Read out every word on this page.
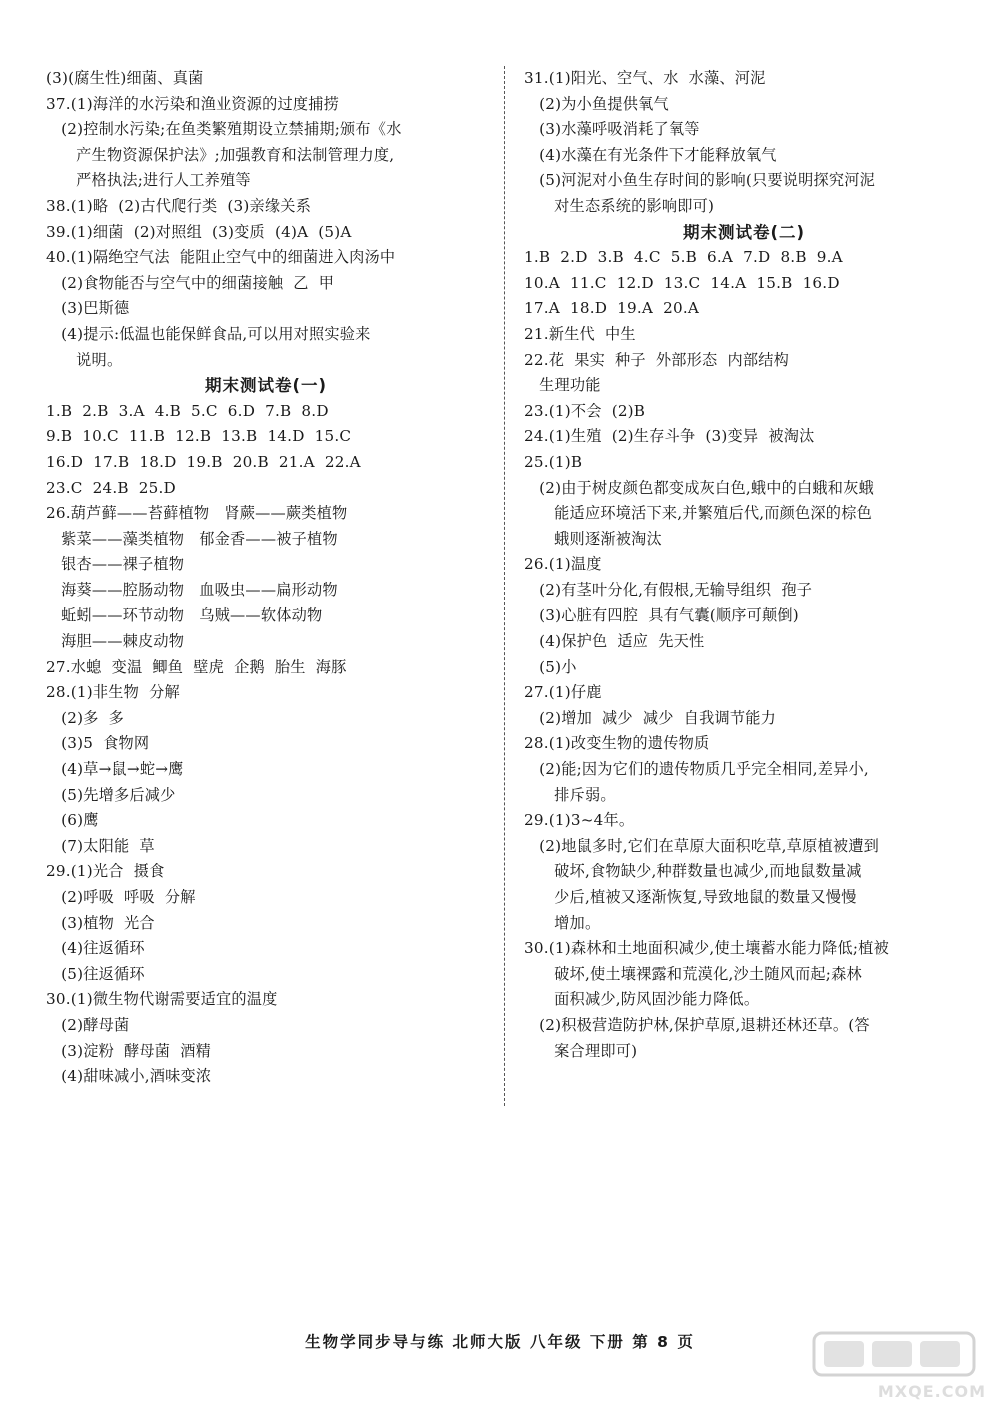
(3)(腐生性)细菌、真菌
37.(1)海洋的水污染和渔业资源的过度捕捞
(2)控制水污染;在鱼类繁殖期设立禁捕期;颁布《水
产生物资源保护法》;加强教育和法制管理力度,
严格执法;进行人工养殖等
38.(1)略  (2)古代爬行类  (3)亲缘关系
39.(1)细菌  (2)对照组  (3)变质  (4)A  (5)A
40.(1)隔绝空气法  能阻止空气中的细菌进入肉汤中
(2)食物能否与空气中的细菌接触  乙  甲
(3)巴斯德
(4)提示:低温也能保鲜食品,可以用对照实验来
说明。
期末测试卷(一)
1.B  2.B  3.A  4.B  5.C  6.D  7.B  8.D
9.B  10.C  11.B  12.B  13.B  14.D  15.C
16.D  17.B  18.D  19.B  20.B  21.A  22.A
23.C  24.B  25.D
26.葫芦藓——苔藓植物   肾蕨——蕨类植物
紫菜——藻类植物   郁金香——被子植物
银杏——裸子植物
海葵——腔肠动物   血吸虫——扁形动物
蚯蚓——环节动物   乌贼——软体动物
海胆——棘皮动物
27.水螅  变温  鲫鱼  壁虎  企鹅  胎生  海豚
28.(1)非生物  分解
(2)多  多
(3)5  食物网
(4)草→鼠→蛇→鹰
(5)先增多后减少
(6)鹰
(7)太阳能  草
29.(1)光合  摄食
(2)呼吸  呼吸  分解
(3)植物  光合
(4)往返循环
(5)往返循环
30.(1)微生物代谢需要适宜的温度
(2)酵母菌
(3)淀粉  酵母菌  酒精
(4)甜味减小,酒味变浓
31.(1)阳光、空气、水  水藻、河泥
(2)为小鱼提供氧气
(3)水藻呼吸消耗了氧等
(4)水藻在有光条件下才能释放氧气
(5)河泥对小鱼生存时间的影响(只要说明探究河泥
对生态系统的影响即可)
期末测试卷(二)
1.B  2.D  3.B  4.C  5.B  6.A  7.D  8.B  9.A
10.A  11.C  12.D  13.C  14.A  15.B  16.D
17.A  18.D  19.A  20.A
21.新生代  中生
22.花  果实  种子  外部形态  内部结构
生理功能
23.(1)不会  (2)B
24.(1)生殖  (2)生存斗争  (3)变异  被淘汰
25.(1)B
(2)由于树皮颜色都变成灰白色,蛾中的白蛾和灰蛾
能适应环境活下来,并繁殖后代,而颜色深的棕色
蛾则逐渐被淘汰
26.(1)温度
(2)有茎叶分化,有假根,无输导组织  孢子
(3)心脏有四腔  具有气囊(顺序可颠倒)
(4)保护色  适应  先天性
(5)小
27.(1)仔鹿
(2)增加  减少  减少  自我调节能力
28.(1)改变生物的遗传物质
(2)能;因为它们的遗传物质几乎完全相同,差异小,
排斥弱。
29.(1)3~4年。
(2)地鼠多时,它们在草原大面积吃草,草原植被遭到
破坏,食物缺少,种群数量也减少,而地鼠数量减
少后,植被又逐渐恢复,导致地鼠的数量又慢慢
增加。
30.(1)森林和土地面积减少,使土壤蓄水能力降低;植被
破坏,使土壤裸露和荒漠化,沙土随风而起;森林
面积减少,防风固沙能力降低。
(2)积极营造防护林,保护草原,退耕还林还草。(答
案合理即可)
生物学同步导与练 北师大版 八年级 下册 第 8 页
MXQE.COM
